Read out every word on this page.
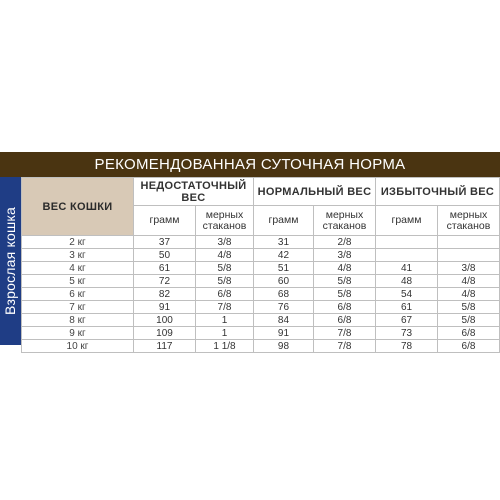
РЕКОМЕНДОВАННАЯ СУТОЧНАЯ НОРМА
Взрослая кошка
ВЕС КОШКИ	НЕДОСТАТОЧНЫЙ ВЕС		НОРМАЛЬНЫЙ ВЕС		ИЗБЫТОЧНЫЙ ВЕС	
	грамм	мерных стаканов	грамм	мерных стаканов	грамм	мерных стаканов
2 кг	37	3/8	31	2/8		
3 кг	50	4/8	42	3/8		
4 кг	61	5/8	51	4/8	41	3/8
5 кг	72	5/8	60	5/8	48	4/8
6 кг	82	6/8	68	5/8	54	4/8
7 кг	91	7/8	76	6/8	61	5/8
8 кг	100	1	84	6/8	67	5/8
9 кг	109	1	91	7/8	73	6/8
10 кг	117	1 1/8	98	7/8	78	6/8
